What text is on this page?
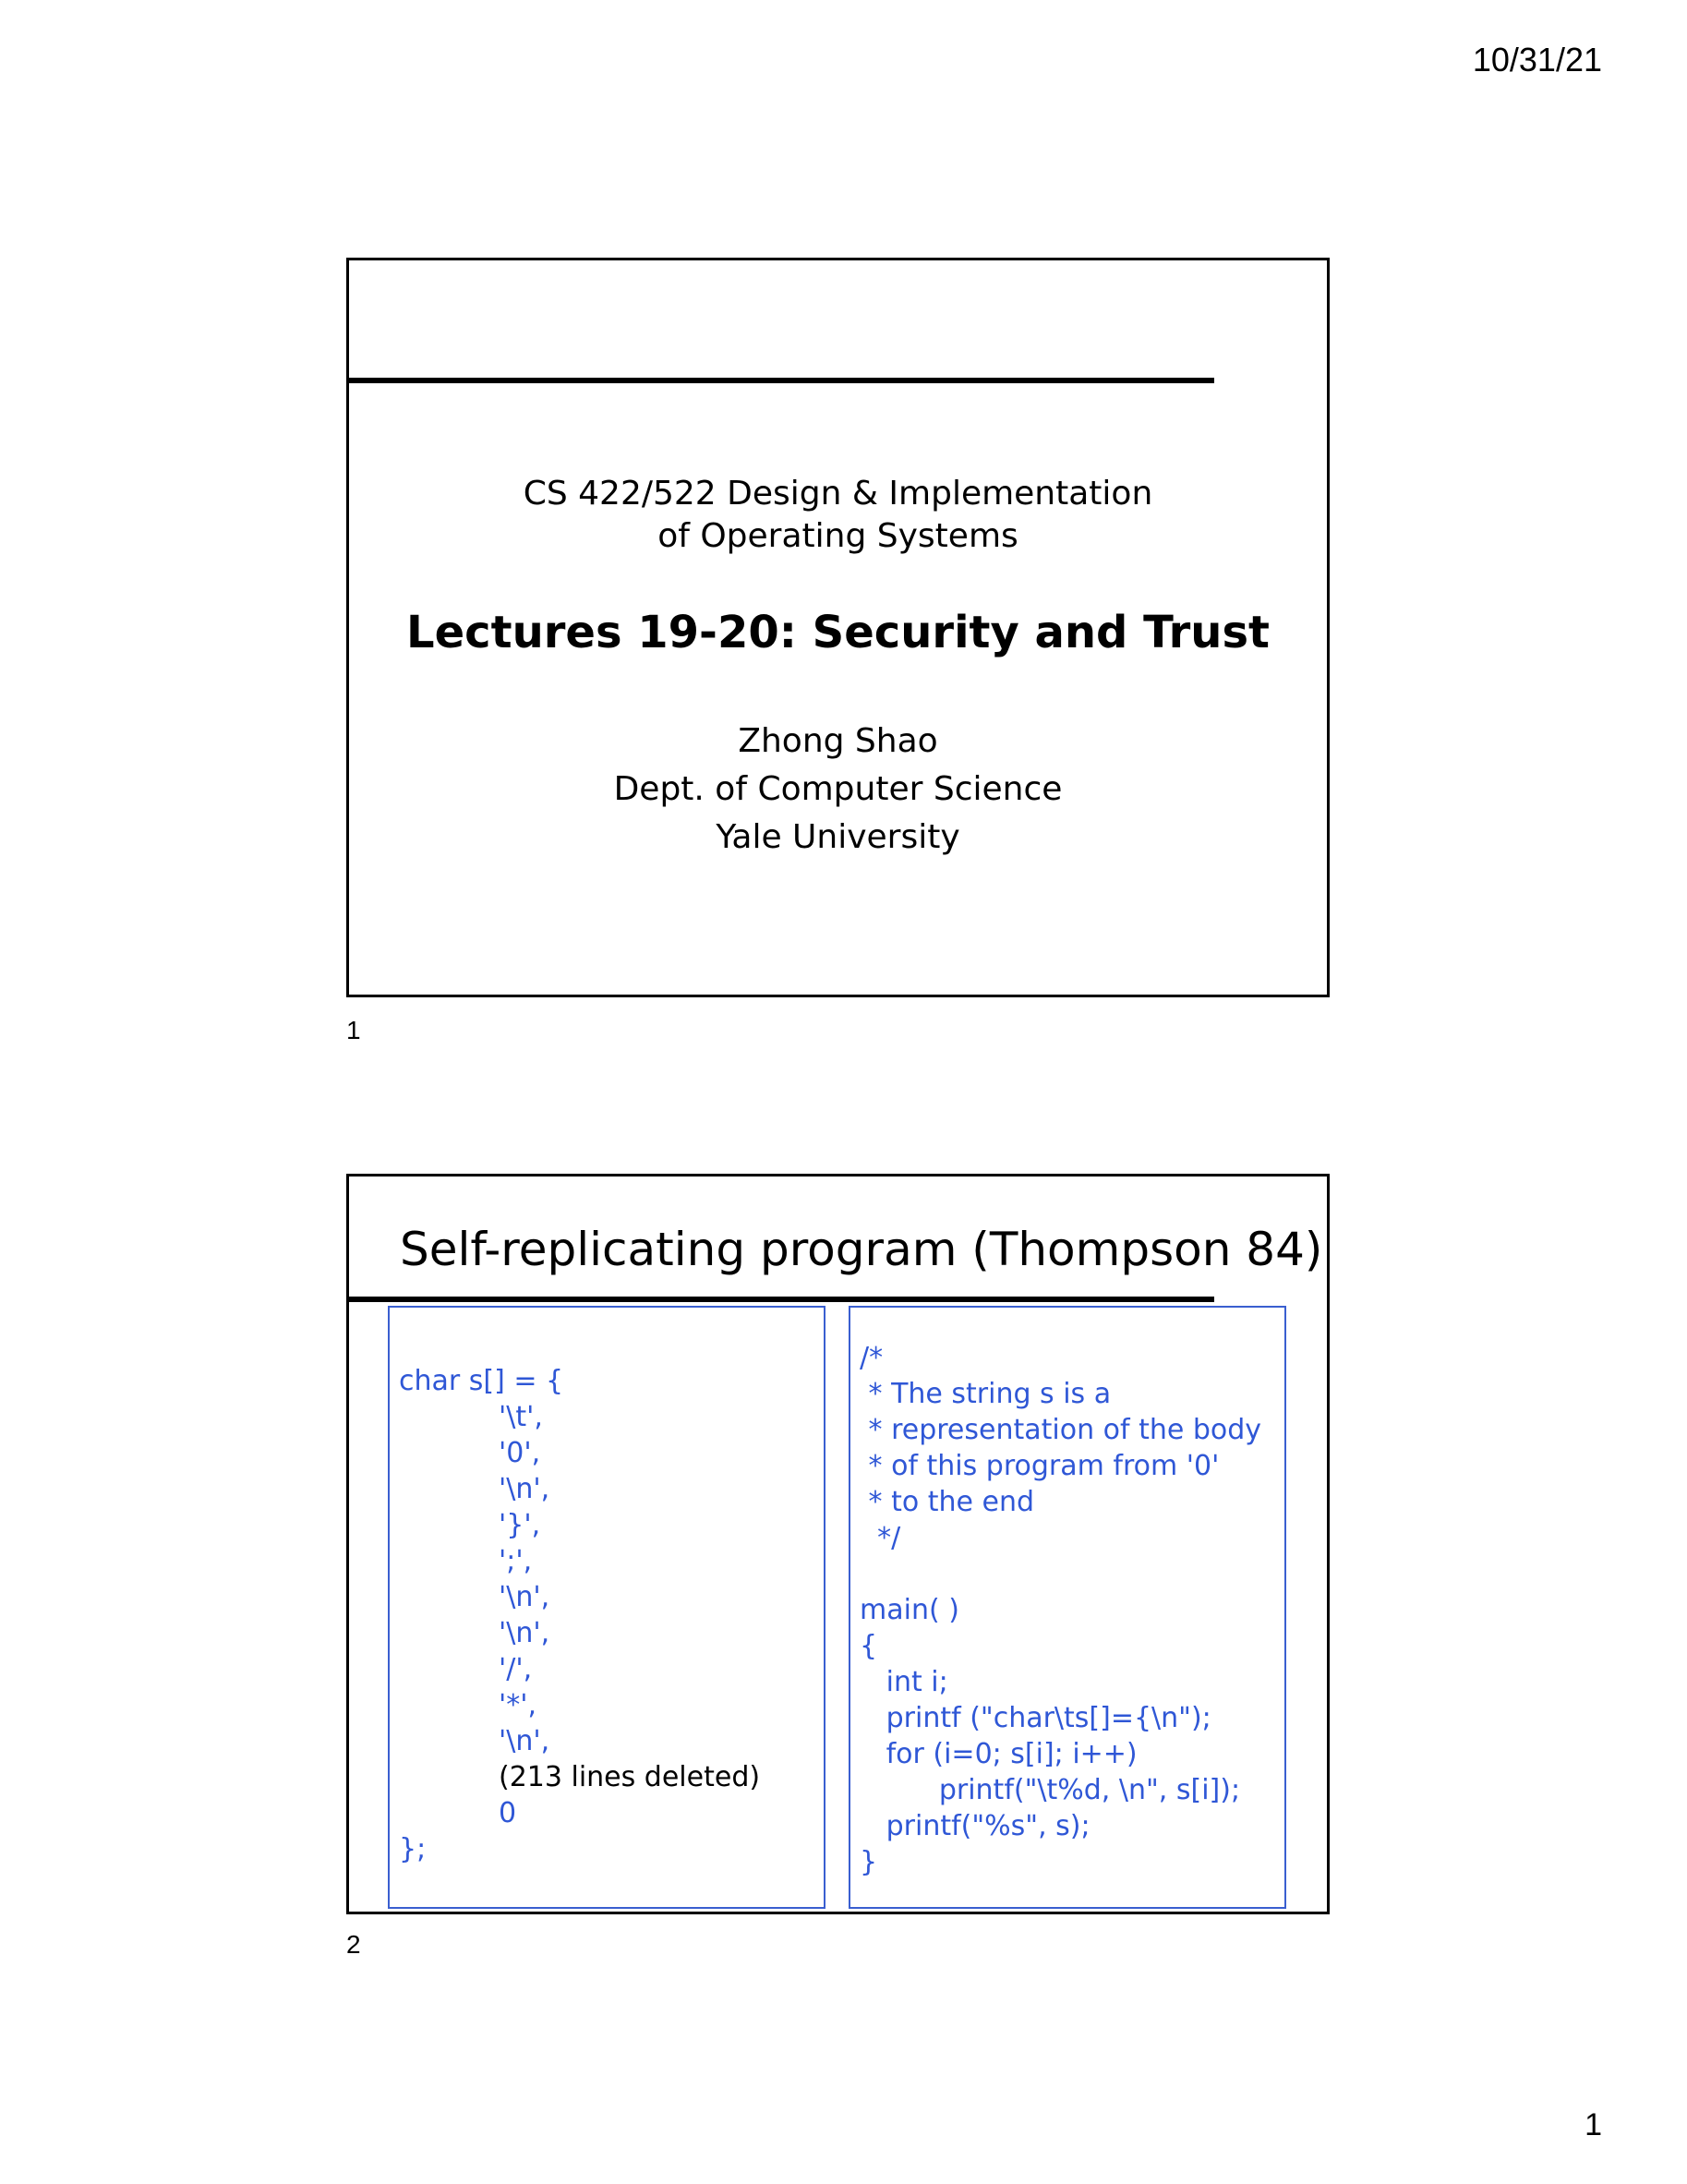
10/31/21
CS 422/522 Design & Implementation
of Operating Systems
Lectures 19-20: Security and Trust
Zhong Shao
Dept. of Computer Science
Yale University
1
Self-replicating program (Thompson 84)
char s[] = {
'\t',
'0',
'\n',
'}',
';',
'\n',
'\n',
'/',
'*',
'\n',
(213 lines deleted)
0
};
/*
* The string s is a
* representation of the body
* of this program from '0'
* to the end
*/
main( )
{
int i;
printf ("char\ts[]={\n");
for (i=0; s[i]; i++)
printf("\t%d, \n", s[i]);
printf("%s", s);
}
2
1
